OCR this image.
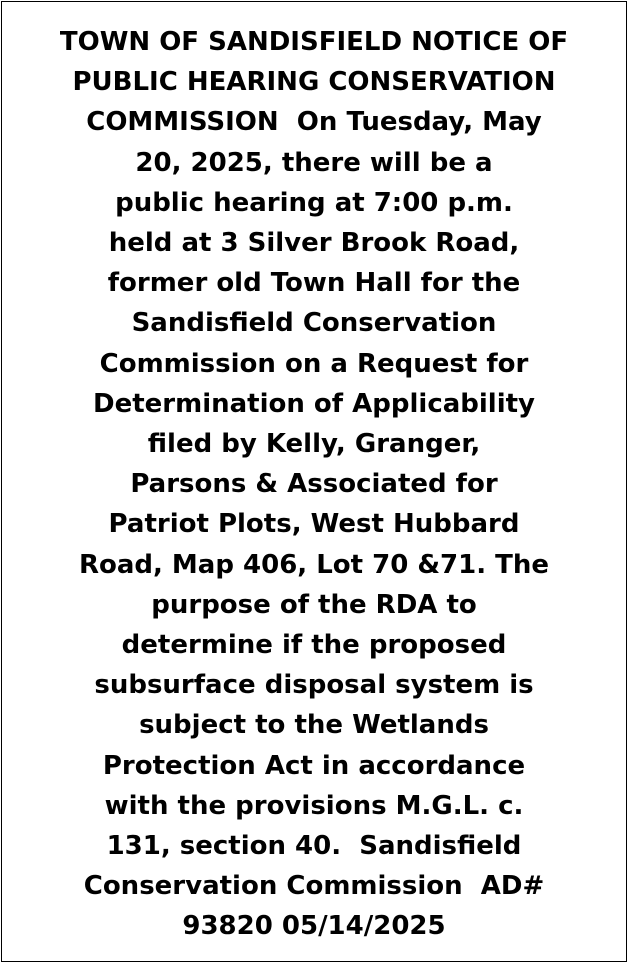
TOWN OF SANDISFIELD NOTICE OF
PUBLIC HEARING CONSERVATION
COMMISSION  On Tuesday, May
20, 2025, there will be a
public hearing at 7:00 p.m.
held at 3 Silver Brook Road,
former old Town Hall for the
Sandisfield Conservation
Commission on a Request for
Determination of Applicability
filed by Kelly, Granger,
Parsons & Associated for
Patriot Plots, West Hubbard
Road, Map 406, Lot 70 &71. The
purpose of the RDA to
determine if the proposed
subsurface disposal system is
subject to the Wetlands
Protection Act in accordance
with the provisions M.G.L. c.
131, section 40.  Sandisfield
Conservation Commission  AD#
93820 05/14/2025
